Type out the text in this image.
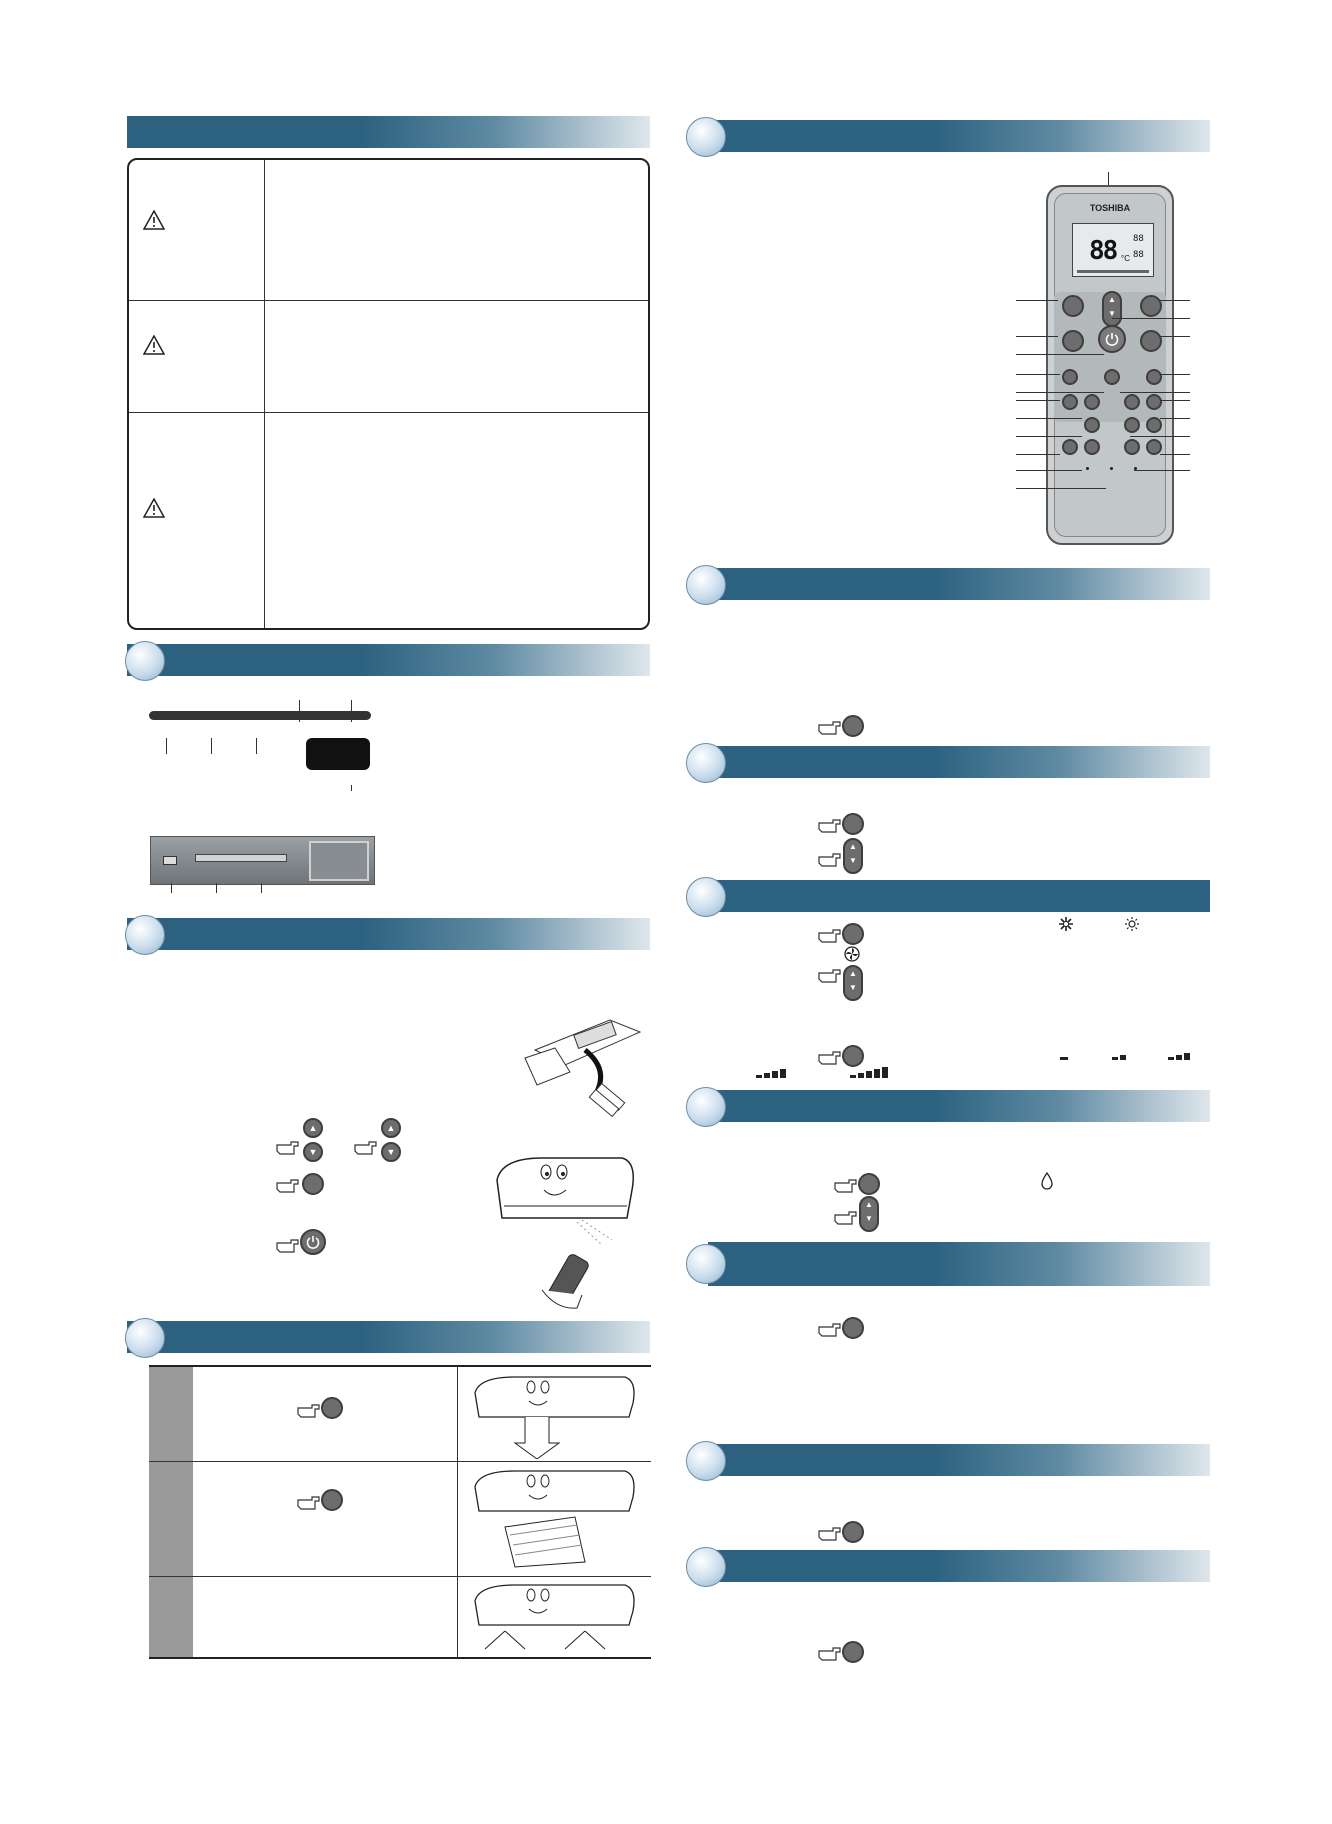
▲
▼
▲
▼
TOSHIBA
88 °C
88
88
▲
▼
▲
▼
▲
▼
▲
▼
